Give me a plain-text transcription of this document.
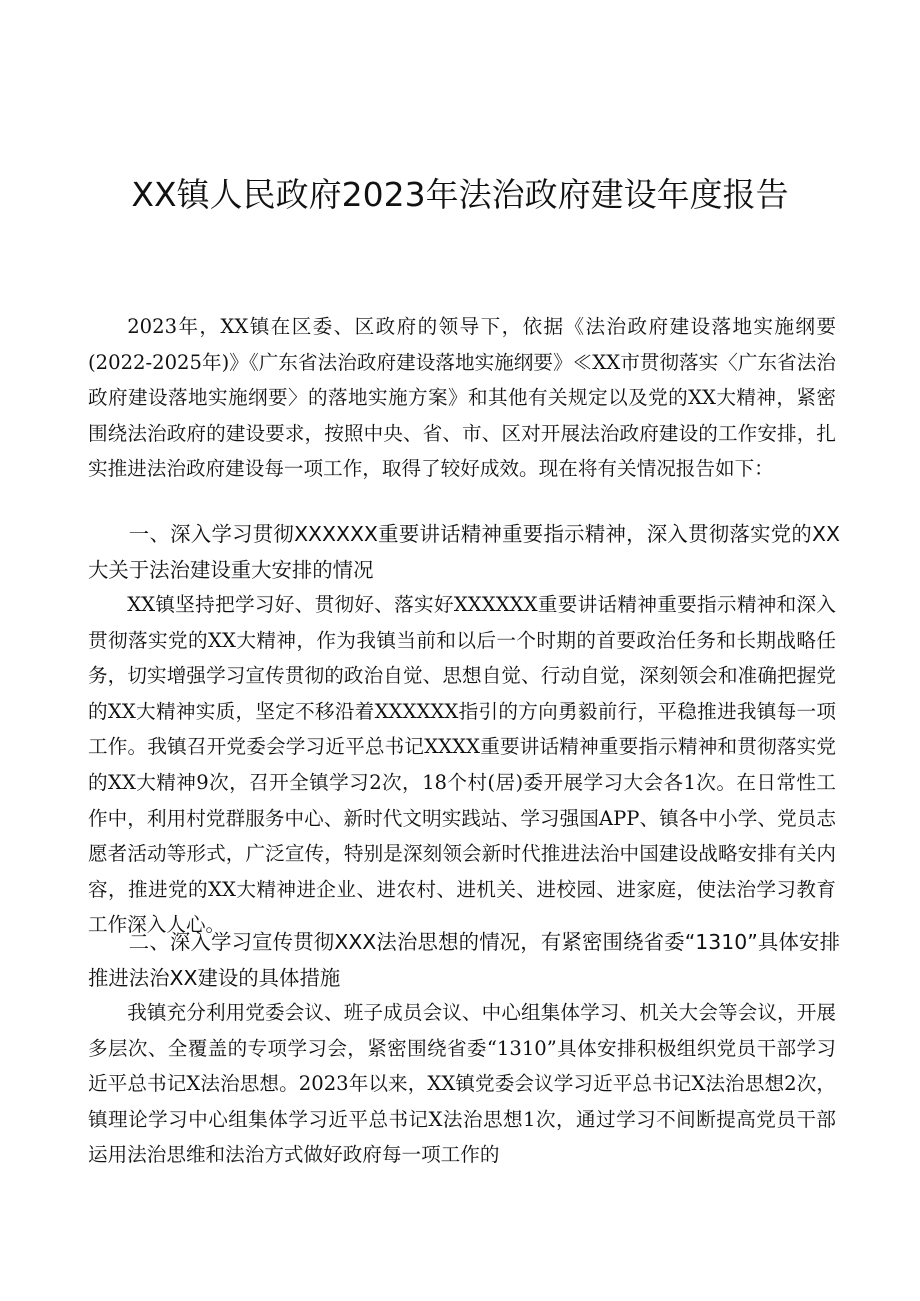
XX镇人民政府2023年法治政府建设年度报告

2023年，XX镇在区委、区政府的领导下，依据《法治政府建设落地实施纲要(2022-2025年)》《广东省法治政府建设落地实施纲要》≪XX市贯彻落实〈广东省法治政府建设落地实施纲要〉的落地实施方案》和其他有关规定以及党的XX大精神，紧密围绕法治政府的建设要求，按照中央、省、市、区对开展法治政府建设的工作安排，扎实推进法治政府建设每一项工作，取得了较好成效。现在将有关情况报告如下：

一、深入学习贯彻XXXXXX重要讲话精神重要指示精神，深入贯彻落实党的XX大关于法治建设重大安排的情况

XX镇坚持把学习好、贯彻好、落实好XXXXXX重要讲话精神重要指示精神和深入贯彻落实党的XX大精神，作为我镇当前和以后一个时期的首要政治任务和长期战略任务，切实增强学习宣传贯彻的政治自觉、思想自觉、行动自觉，深刻领会和准确把握党的XX大精神实质，坚定不移沿着XXXXXX指引的方向勇毅前行，平稳推进我镇每一项工作。我镇召开党委会学习近平总书记XXXX重要讲话精神重要指示精神和贯彻落实党的XX大精神9次，召开全镇学习2次，18个村(居)委开展学习大会各1次。在日常性工作中，利用村党群服务中心、新时代文明实践站、学习强国APP、镇各中小学、党员志愿者活动等形式，广泛宣传，特别是深刻领会新时代推进法治中国建设战略安排有关内容，推进党的XX大精神进企业、进农村、进机关、进校园、进家庭，使法治学习教育工作深入人心。

二、深入学习宣传贯彻XXX法治思想的情况，有紧密围绕省委“1310”具体安排推进法治XX建设的具体措施

我镇充分利用党委会议、班子成员会议、中心组集体学习、机关大会等会议，开展多层次、全覆盖的专项学习会，紧密围绕省委“1310”具体安排积极组织党员干部学习近平总书记X法治思想。2023年以来，XX镇党委会议学习近平总书记X法治思想2次，镇理论学习中心组集体学习近平总书记X法治思想1次，通过学习不间断提高党员干部运用法治思维和法治方式做好政府每一项工作的
